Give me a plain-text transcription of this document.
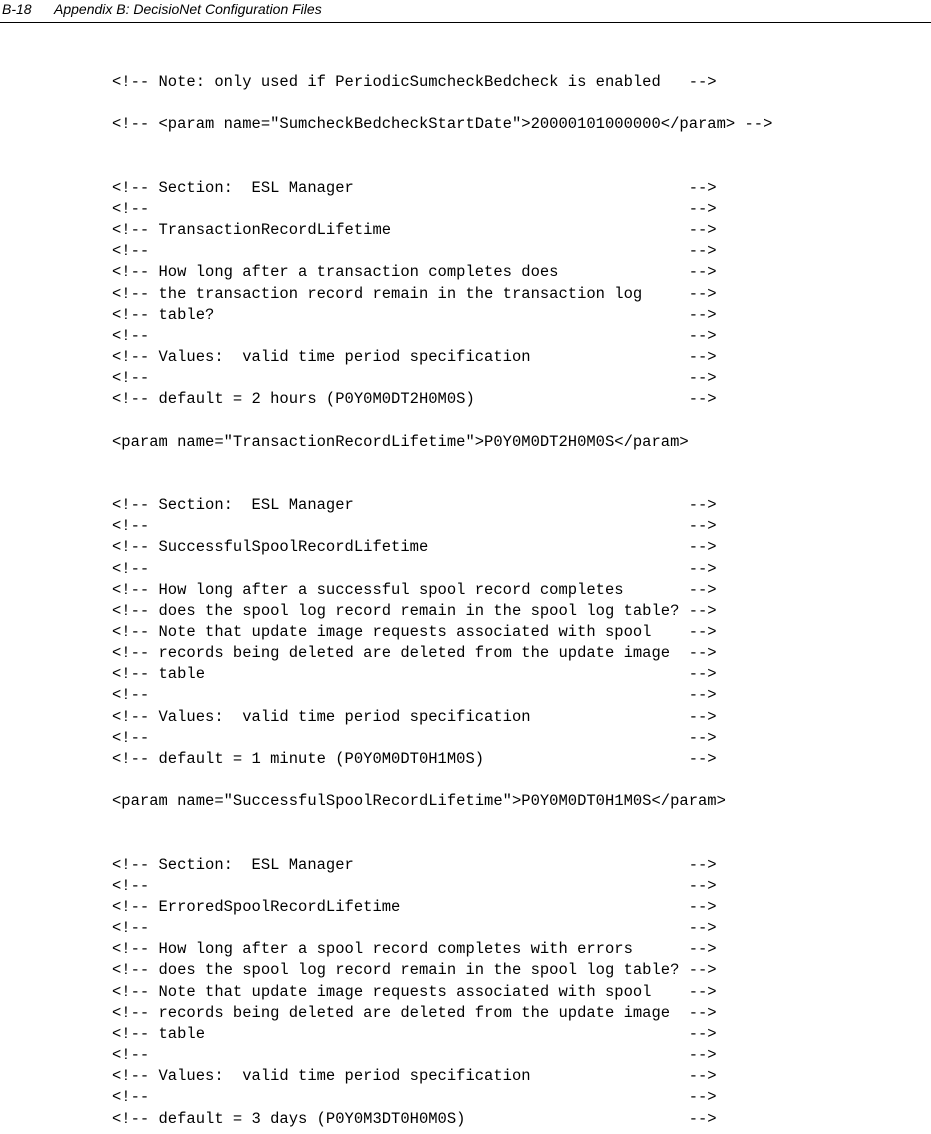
B-18 Appendix B: DecisioNet Configuration Files
<!-- Note: only used if PeriodicSumcheckBedcheck is enabled   -->
<!-- <param name="SumcheckBedcheckStartDate">20000101000000</param> -->
<!-- Section:  ESL Manager                                    -->
<!--                                                          -->
<!-- TransactionRecordLifetime                                -->
<!--                                                          -->
<!-- How long after a transaction completes does              -->
<!-- the transaction record remain in the transaction log     -->
<!-- table?                                                   -->
<!--                                                          -->
<!-- Values:  valid time period specification                 -->
<!--                                                          -->
<!-- default = 2 hours (P0Y0M0DT2H0M0S)                       -->
<param name="TransactionRecordLifetime">P0Y0M0DT2H0M0S</param>
<!-- Section:  ESL Manager                                    -->
<!--                                                          -->
<!-- SuccessfulSpoolRecordLifetime                            -->
<!--                                                          -->
<!-- How long after a successful spool record completes       -->
<!-- does the spool log record remain in the spool log table? -->
<!-- Note that update image requests associated with spool    -->
<!-- records being deleted are deleted from the update image  -->
<!-- table                                                    -->
<!--                                                          -->
<!-- Values:  valid time period specification                 -->
<!--                                                          -->
<!-- default = 1 minute (P0Y0M0DT0H1M0S)                      -->
<param name="SuccessfulSpoolRecordLifetime">P0Y0M0DT0H1M0S</param>
<!-- Section:  ESL Manager                                    -->
<!--                                                          -->
<!-- ErroredSpoolRecordLifetime                               -->
<!--                                                          -->
<!-- How long after a spool record completes with errors      -->
<!-- does the spool log record remain in the spool log table? -->
<!-- Note that update image requests associated with spool    -->
<!-- records being deleted are deleted from the update image  -->
<!-- table                                                    -->
<!--                                                          -->
<!-- Values:  valid time period specification                 -->
<!--                                                          -->
<!-- default = 3 days (P0Y0M3DT0H0M0S)                        -->
